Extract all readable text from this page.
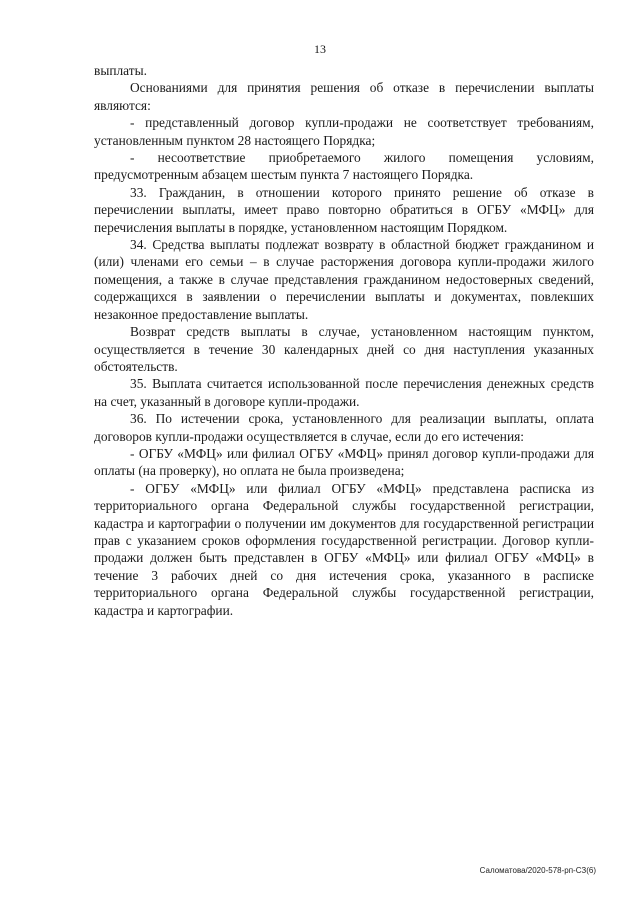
13

выплаты.

Основаниями для принятия решения об отказе в перечислении выплаты являются:

- представленный договор купли-продажи не соответствует требованиям, установленным пунктом 28 настоящего Порядка;

- несоответствие приобретаемого жилого помещения условиям, предусмотренным абзацем шестым пункта 7 настоящего Порядка.

33. Гражданин, в отношении которого принято решение об отказе в перечислении выплаты, имеет право повторно обратиться в ОГБУ «МФЦ» для перечисления выплаты в порядке, установленном настоящим Порядком.

34. Средства выплаты подлежат возврату в областной бюджет гражданином и (или) членами его семьи – в случае расторжения договора купли-продажи жилого помещения, а также в случае представления гражданином недостоверных сведений, содержащихся в заявлении о перечислении выплаты и документах, повлекших незаконное предоставление выплаты.

Возврат средств выплаты в случае, установленном настоящим пунктом, осуществляется в течение 30 календарных дней со дня наступления указанных обстоятельств.

35. Выплата считается использованной после перечисления денежных средств на счет, указанный в договоре купли-продажи.

36. По истечении срока, установленного для реализации выплаты, оплата договоров купли-продажи осуществляется в случае, если до его истечения:

- ОГБУ «МФЦ» или филиал ОГБУ «МФЦ» принял договор купли-продажи для оплаты (на проверку), но оплата не была произведена;

- ОГБУ «МФЦ» или филиал ОГБУ «МФЦ» представлена расписка из территориального органа Федеральной службы государственной регистрации, кадастра и картографии о получении им документов для государственной регистрации прав с указанием сроков оформления государственной регистрации. Договор купли-продажи должен быть представлен в ОГБУ «МФЦ» или филиал ОГБУ «МФЦ» в течение 3 рабочих дней со дня истечения срока, указанного в расписке территориального органа Федеральной службы государственной регистрации, кадастра и картографии.

Саломатова/2020-578-рп-СЗ(6)
